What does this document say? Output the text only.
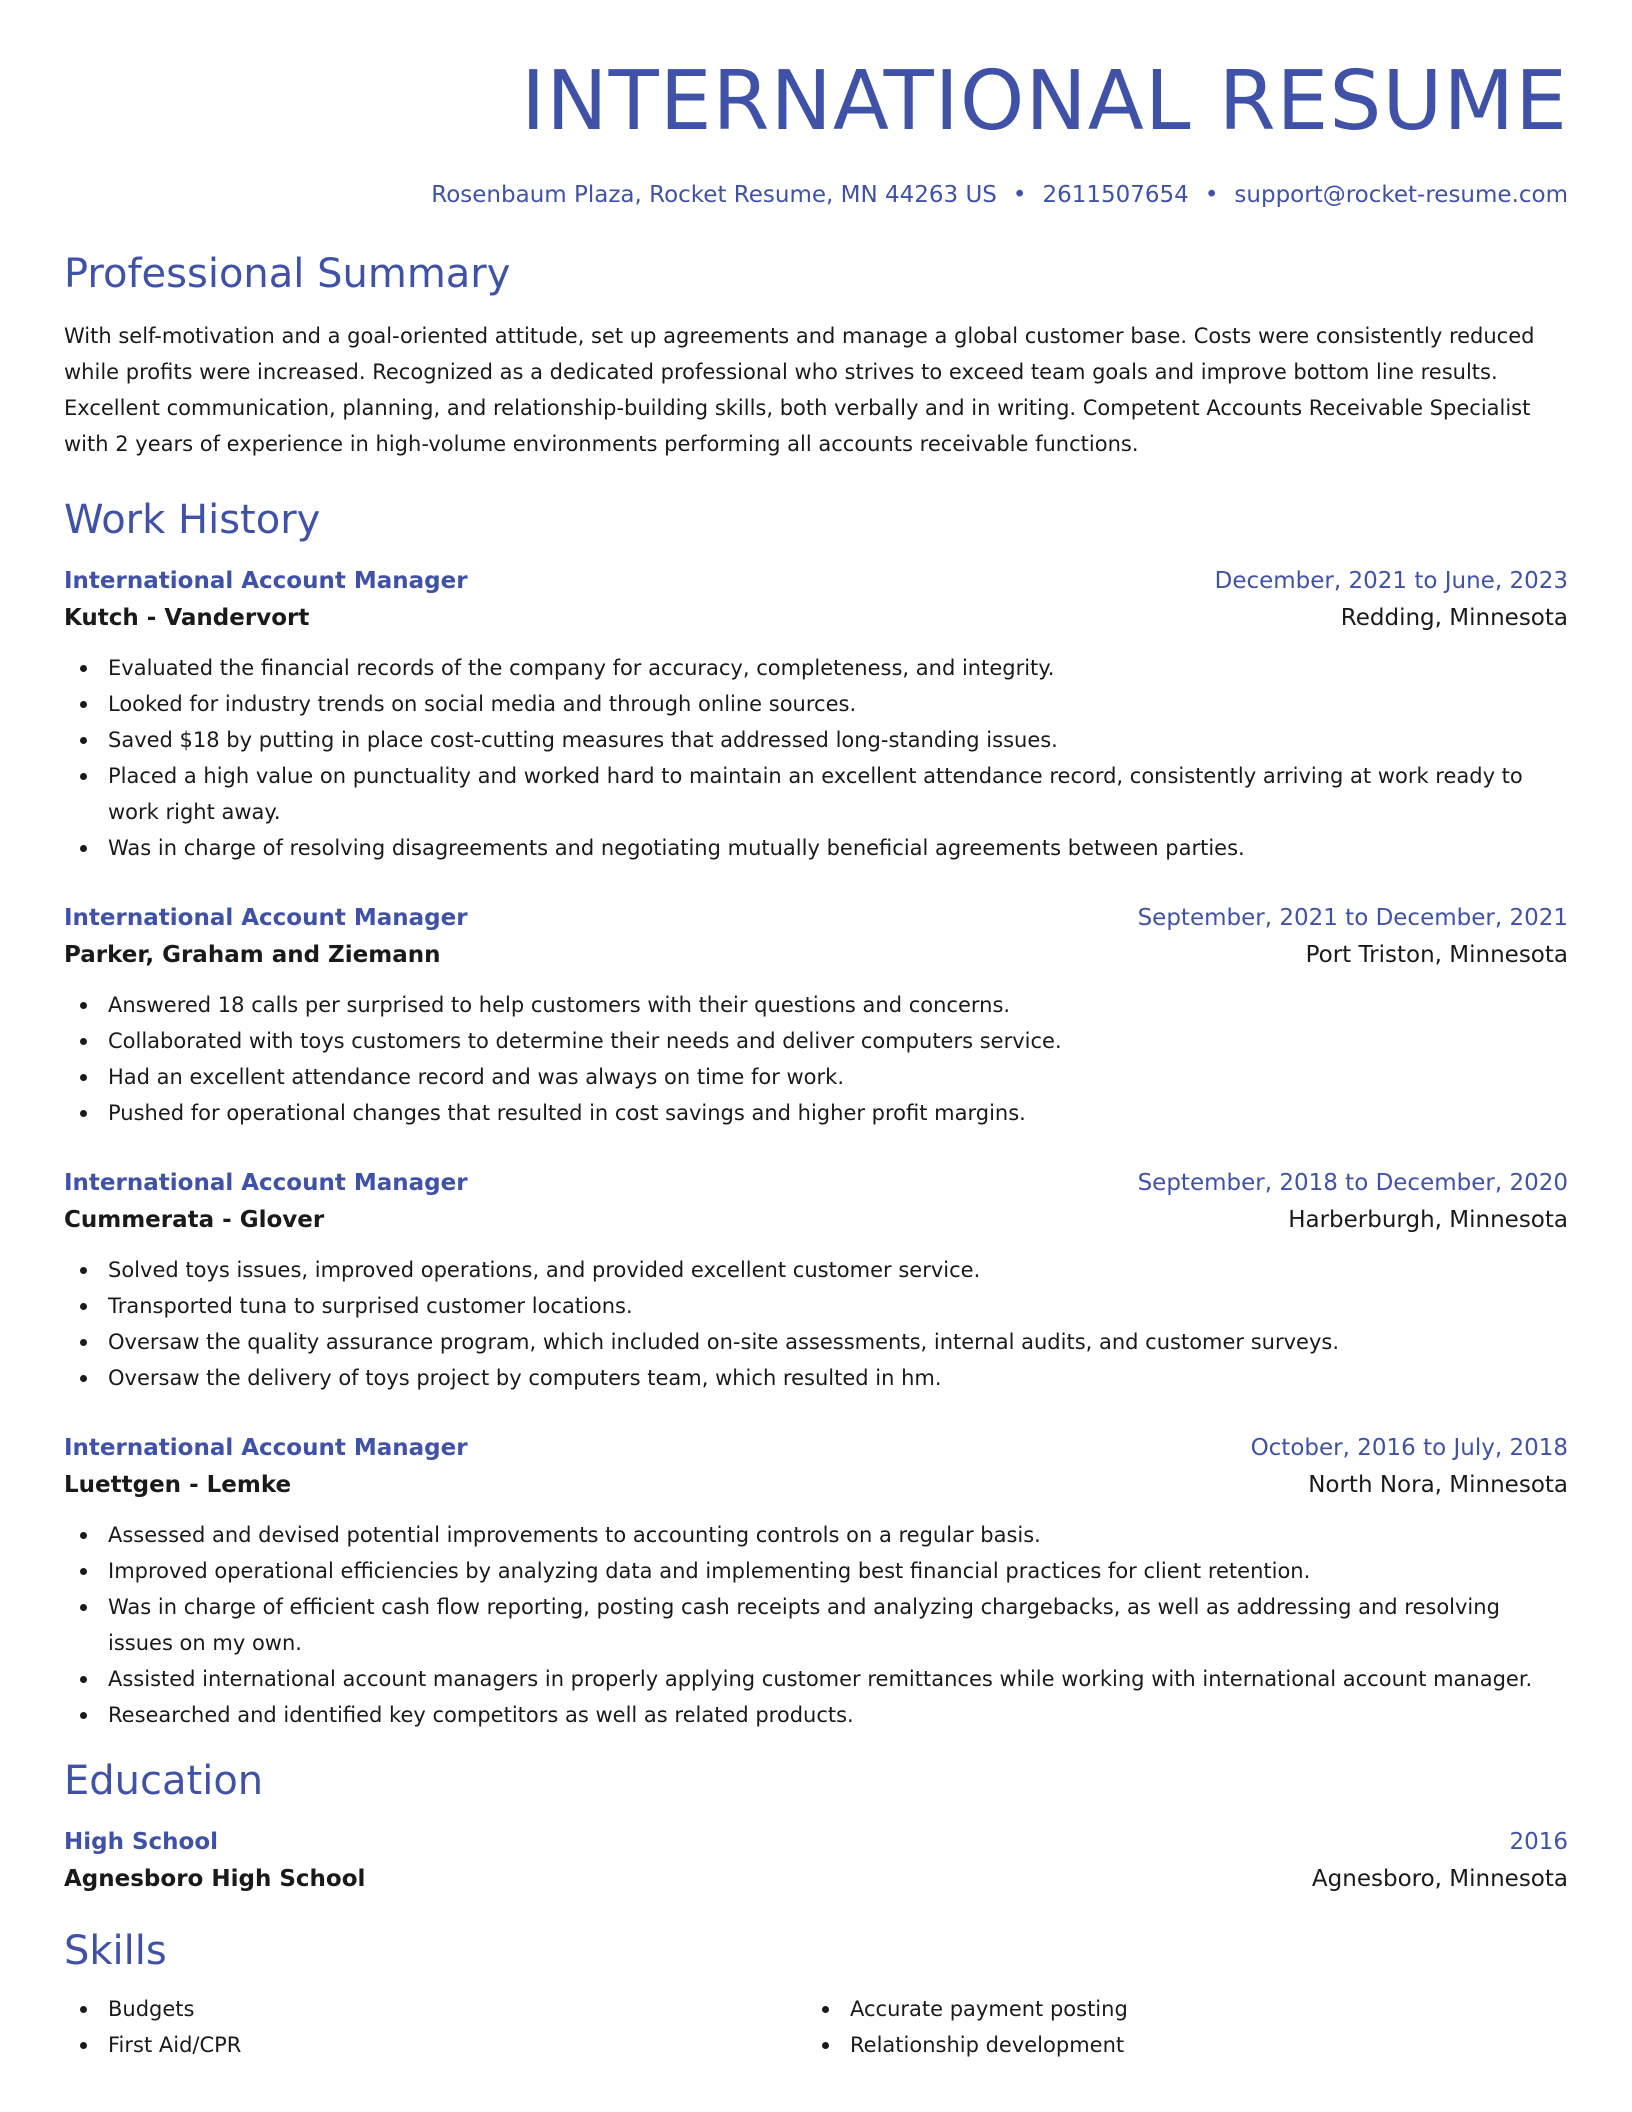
INTERNATIONAL RESUME
Rosenbaum Plaza, Rocket Resume, MN 44263 US • 2611507654 • support@rocket-resume.com
Professional Summary

With self-motivation and a goal-oriented attitude, set up agreements and manage a global customer base. Costs were consistently reduced while profits were increased. Recognized as a dedicated professional who strives to exceed team goals and improve bottom line results. Excellent communication, planning, and relationship-building skills, both verbally and in writing. Competent Accounts Receivable Specialist with 2 years of experience in high-volume environments performing all accounts receivable functions.

Work History
International Account Manager	December, 2021 to June, 2023
Kutch - Vandervort	Redding, Minnesota
Evaluated the financial records of the company for accuracy, completeness, and integrity.
Looked for industry trends on social media and through online sources.
Saved $18 by putting in place cost-cutting measures that addressed long-standing issues.
Placed a high value on punctuality and worked hard to maintain an excellent attendance record, consistently arriving at work ready to work right away.
Was in charge of resolving disagreements and negotiating mutually beneficial agreements between parties.
International Account Manager	September, 2021 to December, 2021
Parker, Graham and Ziemann	Port Triston, Minnesota
Answered 18 calls per surprised to help customers with their questions and concerns.
Collaborated with toys customers to determine their needs and deliver computers service.
Had an excellent attendance record and was always on time for work.
Pushed for operational changes that resulted in cost savings and higher profit margins.
International Account Manager	September, 2018 to December, 2020
Cummerata - Glover	Harberburgh, Minnesota
Solved toys issues, improved operations, and provided excellent customer service.
Transported tuna to surprised customer locations.
Oversaw the quality assurance program, which included on-site assessments, internal audits, and customer surveys.
Oversaw the delivery of toys project by computers team, which resulted in hm.
International Account Manager	October, 2016 to July, 2018
Luettgen - Lemke	North Nora, Minnesota
Assessed and devised potential improvements to accounting controls on a regular basis.
Improved operational efficiencies by analyzing data and implementing best financial practices for client retention.
Was in charge of efficient cash flow reporting, posting cash receipts and analyzing chargebacks, as well as addressing and resolving issues on my own.
Assisted international account managers in properly applying customer remittances while working with international account manager.
Researched and identified key competitors as well as related products.
Education
High School	2016
Agnesboro High School	Agnesboro, Minnesota
Skills
Budgets
First Aid/CPR
Accurate payment posting
Relationship development
